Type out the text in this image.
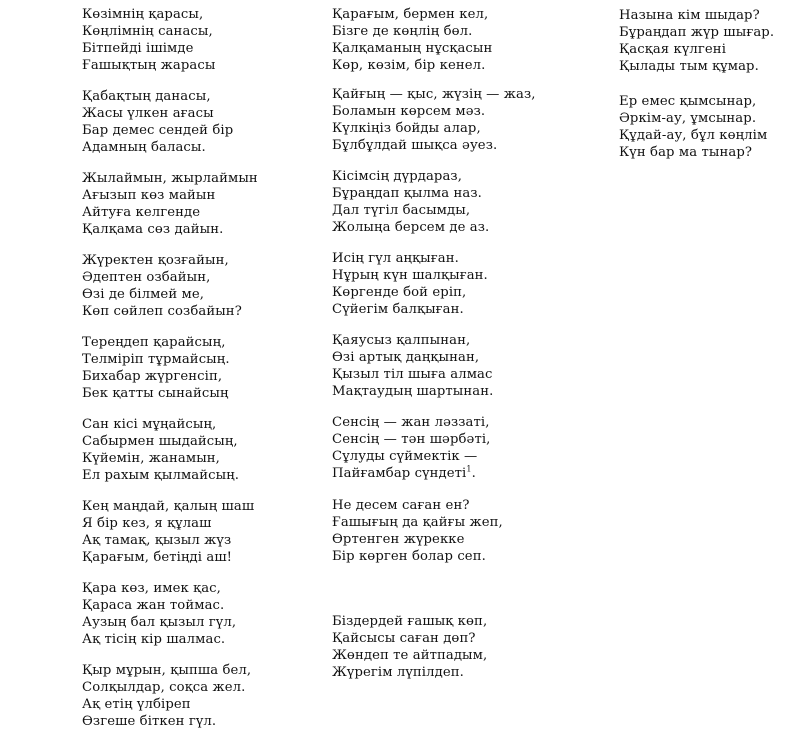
Көзімнің қарасы,
Көңлімнің санасы,
Бітпейді ішімде
Ғашықтың жарасы
Қабақтың данасы,
Жасы үлкен ағасы
Бар демес сендей бір
Адамның баласы.
Жылаймын, жырлаймын
Ағызып көз майын
Айтуға келгенде
Қалқама сөз дайын.
Жүректен қозғайын,
Әдептен озбайын,
Өзі де білмей ме,
Көп сөйлеп созбайын?
Тереңдеп қарайсың,
Телміріп тұрмайсың.
Бихабар жүргенсіп,
Бек қатты сынайсың
Сан кісі мұңайсың,
Сабырмен шыдайсың,
Күйемін, жанамын,
Ел рахым қылмайсың.
Кең маңдай, қалың шаш
Я бір кез, я құлаш
Ақ тамақ, қызыл жүз
Қарағым, бетіңді аш!
Қара көз, имек қас,
Қараса жан тоймас.
Аузың бал қызыл гүл,
Ақ тісің кір шалмас.
Қыр мұрын, қыпша бел,
Солқылдар, соқса жел.
Ақ етің үлбіреп
Өзгеше біткен гүл.
Қарағым, бермен кел,
Бізге де көңлің бөл.
Қалқаманың нұсқасын
Көр, көзім, бір кенел.
Қайғың — қыс, жүзің — жаз,
Боламын көрсем мәз.
Күлкіңіз бойды алар,
Бұлбұлдай шықса әуез.
Кісімсің дүрдараз,
Бұраңдап қылма наз.
Дал түгіл басымды,
Жолыңа берсем де аз.
Исің гүл аңқыған.
Нұрың күн шалқыған.
Көргенде бой еріп,
Сүйегім балқыған.
Қаяусыз қалпынан,
Өзі артық даңқынан,
Қызыл тіл шыға алмас
Мақтаудың шартынан.
Сенсің — жан ләззаті,
Сенсің — тән шәрбәті,
Сұлуды сүймектік —
Пайғамбар сүндеті$^1$.
Не десем саған ен?
Ғашығың да қайғы жеп,
Өртенген жүрекке
Бір көрген болар сеп.
Біздердей ғашық көп,
Қайсысы саған дөп?
Жөндеп те айтпадым,
Жүрегім лүпілдеп.
Назына кім шыдар?
Бұраңдап жүр шығар.
Қасқая күлгені
Қылады тым құмар.
Ер емес қымсынар,
Әркім-ау, ұмсынар.
Құдай-ау, бұл көңлім
Күн бар ма тынар?
